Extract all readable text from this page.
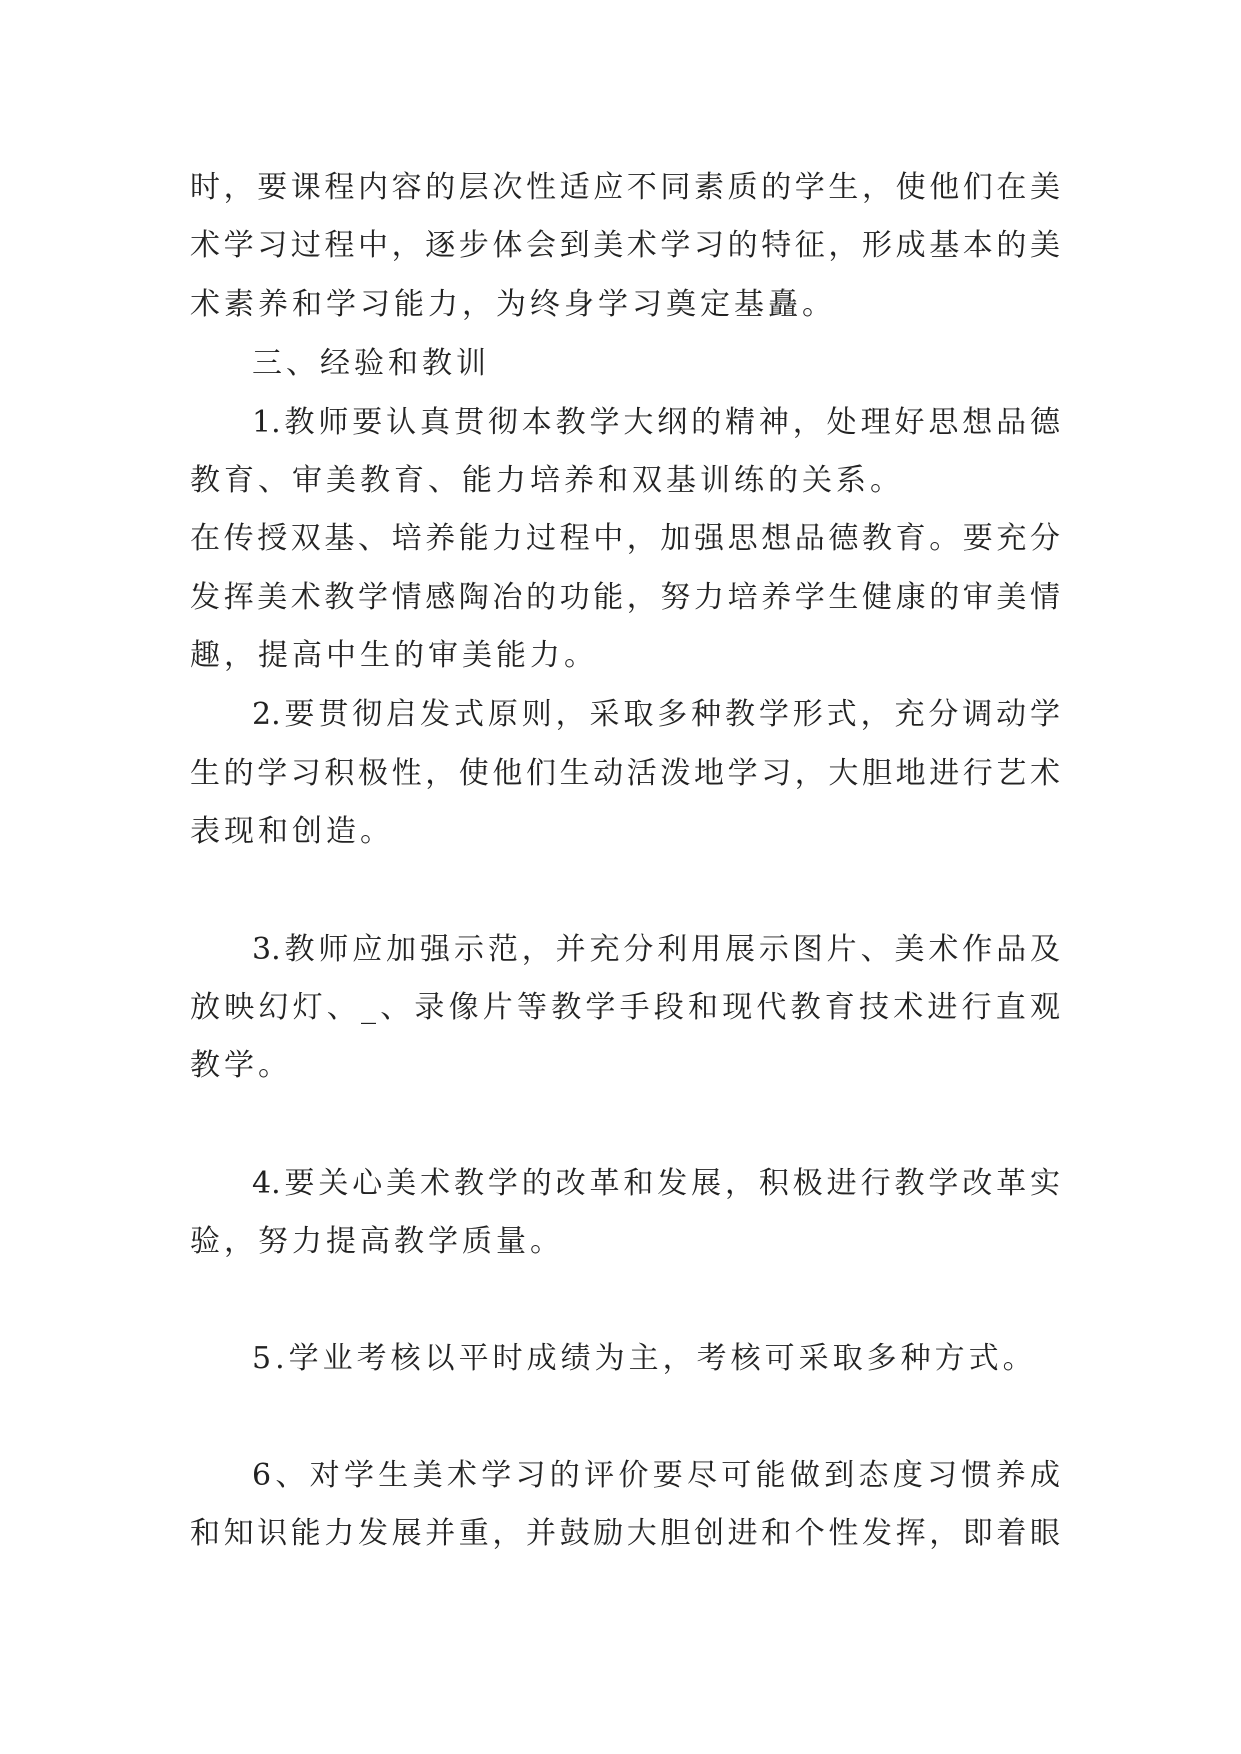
时，要课程内容的层次性适应不同素质的学生，使他们在美
术学习过程中，逐步体会到美术学习的特征，形成基本的美
术素养和学习能力，为终身学习奠定基矗。
三、经验和教训
1.教师要认真贯彻本教学大纲的精神，处理好思想品德
教育、审美教育、能力培养和双基训练的关系。
在传授双基、培养能力过程中，加强思想品德教育。要充分
发挥美术教学情感陶冶的功能，努力培养学生健康的审美情
趣，提高中生的审美能力。
2.要贯彻启发式原则，采取多种教学形式，充分调动学
生的学习积极性，使他们生动活泼地学习，大胆地进行艺术
表现和创造。
3.教师应加强示范，并充分利用展示图片、美术作品及
放映幻灯、_、录像片等教学手段和现代教育技术进行直观
教学。
4.要关心美术教学的改革和发展，积极进行教学改革实
验，努力提高教学质量。
5.学业考核以平时成绩为主，考核可采取多种方式。
6、对学生美术学习的评价要尽可能做到态度习惯养成
和知识能力发展并重，并鼓励大胆创进和个性发挥，即着眼
